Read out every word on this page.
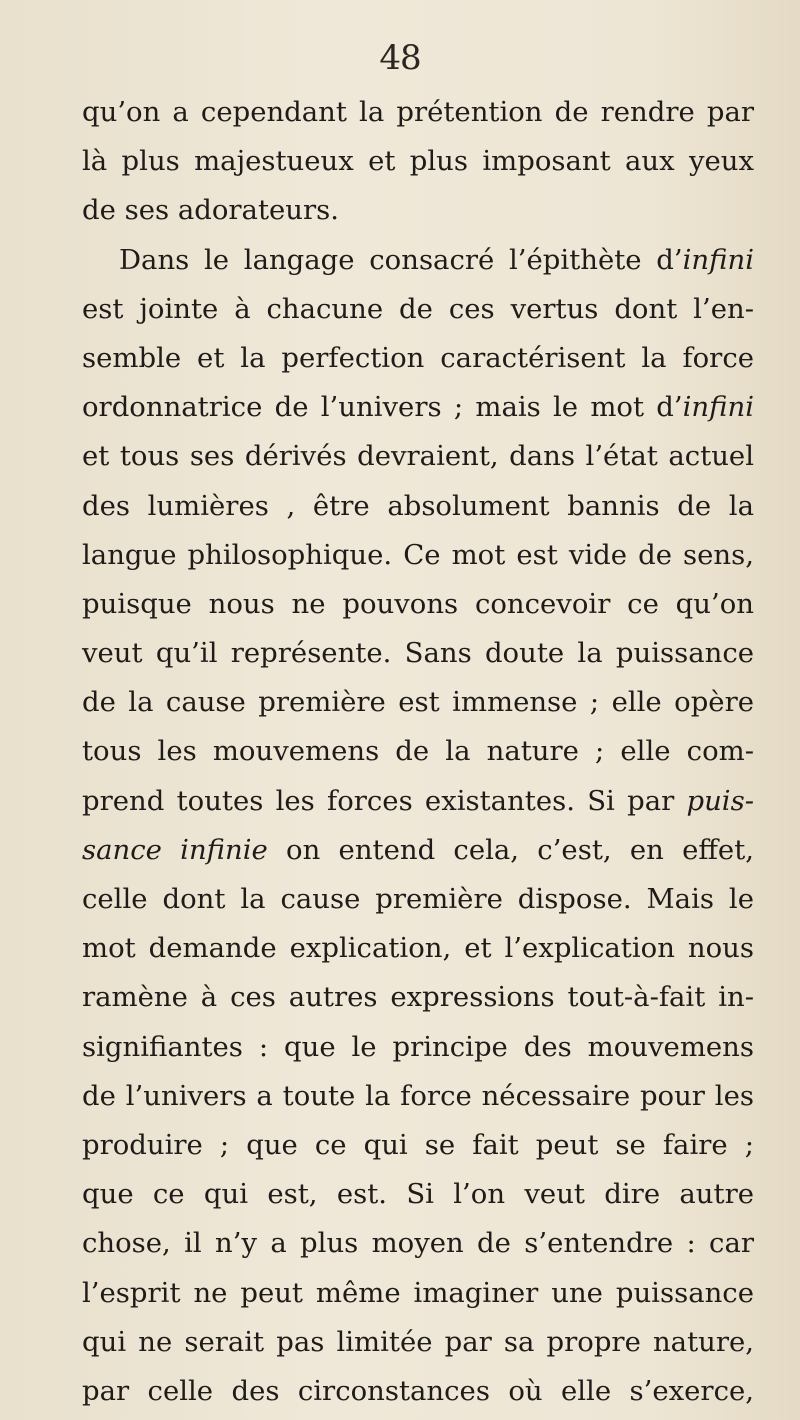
48
qu’on a cependant la prétention de rendre par
là plus majestueux et plus imposant aux yeux
de ses adorateurs.
Dans le langage consacré l’épithète d’infini
est jointe à chacune de ces vertus dont l’en-
semble et la perfection caractérisent la force
ordonnatrice de l’univers ; mais le mot d’infini
et tous ses dérivés devraient, dans l’état actuel
des lumières , être absolument bannis de la
langue philosophique. Ce mot est vide de sens,
puisque nous ne pouvons concevoir ce qu’on
veut qu’il représente. Sans doute la puissance
de la cause première est immense ; elle opère
tous les mouvemens de la nature ; elle com-
prend toutes les forces existantes. Si par puis-
sance infinie on entend cela, c’est, en effet,
celle dont la cause première dispose. Mais le
mot demande explication, et l’explication nous
ramène à ces autres expressions tout-à-fait in-
signifiantes : que le principe des mouvemens
de l’univers a toute la force nécessaire pour les
produire ; que ce qui se fait peut se faire ;
que ce qui est, est. Si l’on veut dire autre
chose, il n’y a plus moyen de s’entendre : car
l’esprit ne peut même imaginer une puissance
qui ne serait pas limitée par sa propre nature,
par celle des circonstances où elle s’exerce,
